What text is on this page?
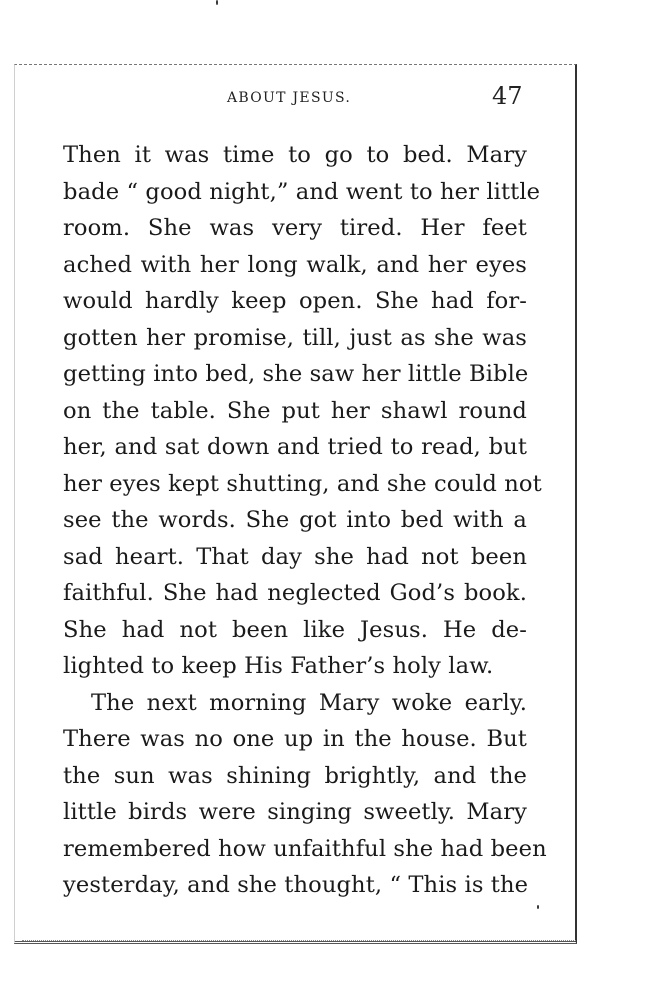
ABOUT JESUS.	47
Then it was time to go to bed. Mary
bade “ good night,” and went to her little
room. She was very tired. Her feet
ached with her long walk, and her eyes
would hardly keep open. She had for-
gotten her promise, till, just as she was
getting into bed, she saw her little Bible
on the table. She put her shawl round
her, and sat down and tried to read, but
her eyes kept shutting, and she could not
see the words. She got into bed with a
sad heart. That day she had not been
faithful. She had neglected God’s book.
She had not been like Jesus. He de-
lighted to keep His Father’s holy law.
The next morning Mary woke early.
There was no one up in the house. But
the sun was shining brightly, and the
little birds were singing sweetly. Mary
remembered how unfaithful she had been
yesterday, and she thought, “ This is the
